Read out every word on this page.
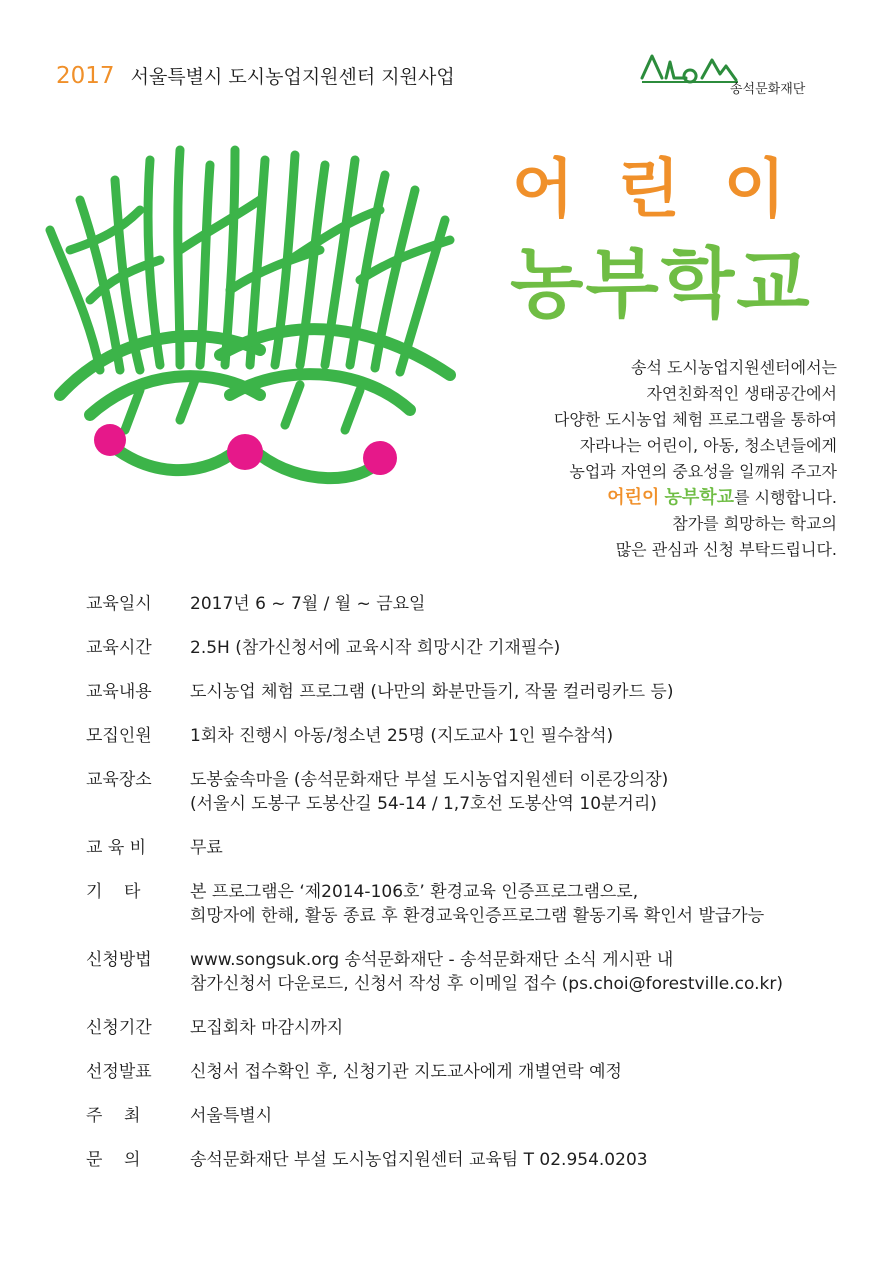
2017 서울특별시 도시농업지원센터 지원사업
송석문화재단
어린이
농부학교
송석 도시농업지원센터에서는
자연친화적인 생태공간에서
다양한 도시농업 체험 프로그램을 통하여
자라나는 어린이, 아동, 청소년들에게
농업과 자연의 중요성을 일깨워 주고자
어린이 농부학교를 시행합니다.
참가를 희망하는 학교의
많은 관심과 신청 부탁드립니다.
교육일시	2017년 6 ~ 7월 / 월 ~ 금요일
교육시간	2.5H (참가신청서에 교육시작 희망시간 기재필수)
교육내용	도시농업 체험 프로그램 (나만의 화분만들기, 작물 컬러링카드 등)
모집인원	1회차 진행시 아동/청소년 25명 (지도교사 1인 필수참석)
교육장소	도봉숲속마을 (송석문화재단 부설 도시농업지원센터 이론강의장)
(서울시 도봉구 도봉산길 54-14 / 1,7호선 도봉산역 10분거리)
교 육 비	무료
기    타	본 프로그램은 ‘제2014-106호’ 환경교육 인증프로그램으로,
희망자에 한해, 활동 종료 후 환경교육인증프로그램 활동기록 확인서 발급가능
신청방법	www.songsuk.org 송석문화재단 - 송석문화재단 소식 게시판 내
참가신청서 다운로드, 신청서 작성 후 이메일 접수 (ps.choi@forestville.co.kr)
신청기간	모집회차 마감시까지
선정발표	신청서 접수확인 후, 신청기관 지도교사에게 개별연락 예정
주    최	서울특별시
문    의	송석문화재단 부설 도시농업지원센터 교육팀 T 02.954.0203
